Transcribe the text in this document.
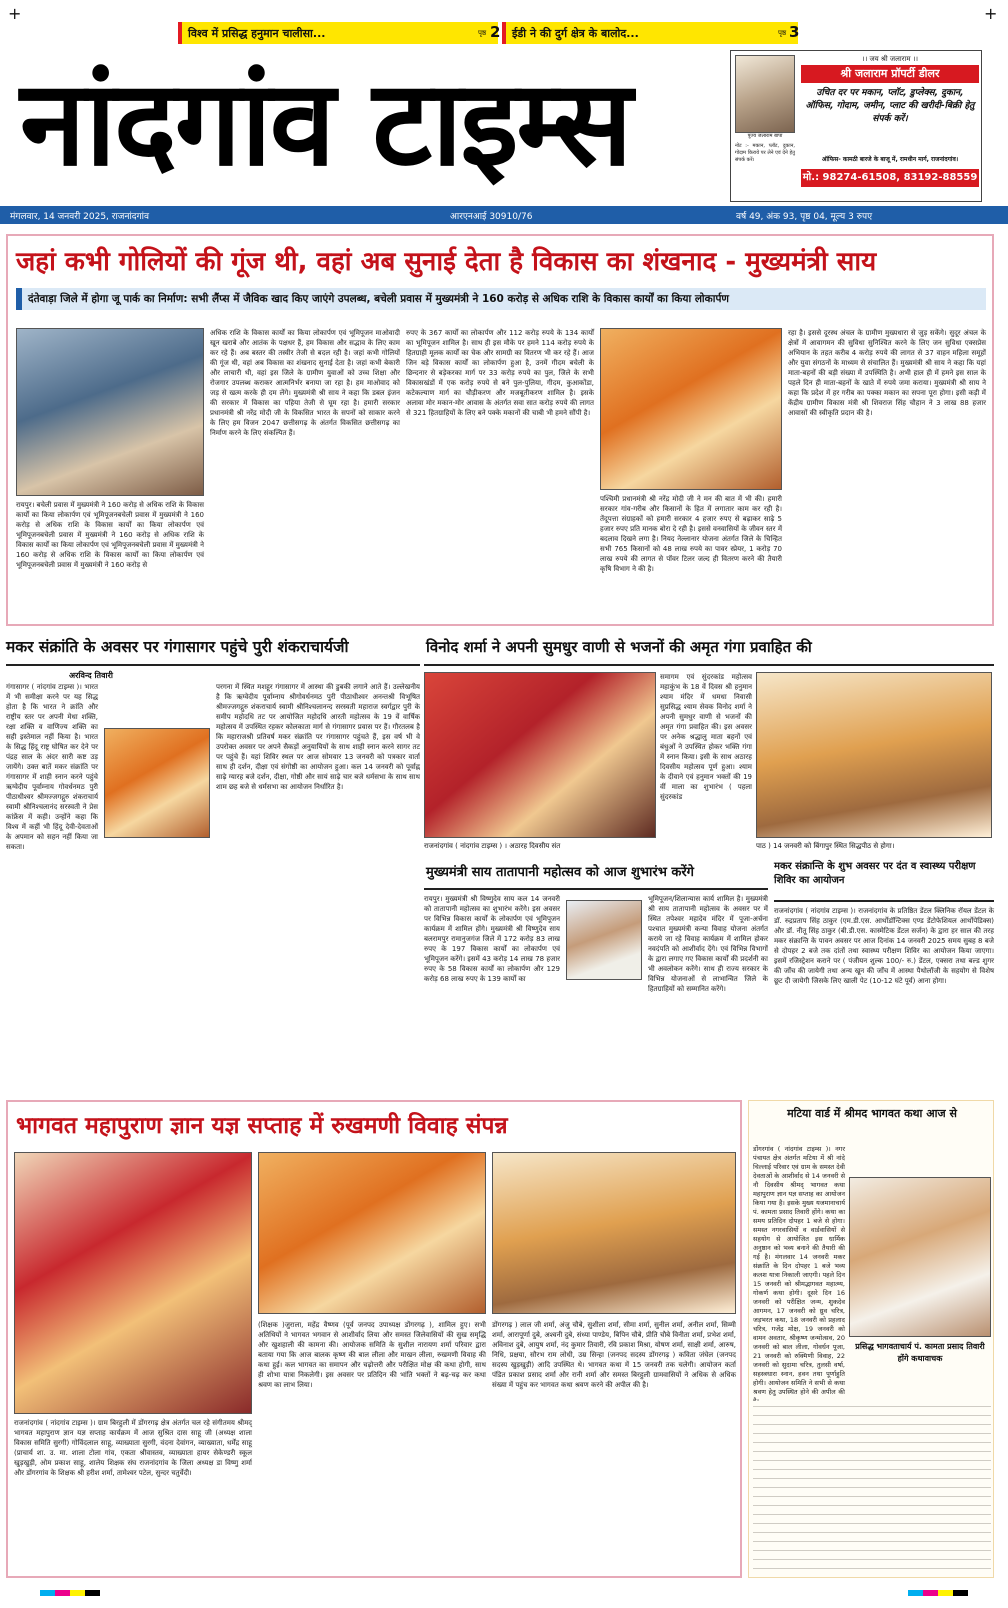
+	+
विश्व में प्रसिद्ध हनुमान चालीसा...	पृष्ठ 2 ईडी ने की दुर्ग क्षेत्र के बालोद...	पृष्ठ 3
नांदगांव टाइम्स	पूज्य जलाराम बापा
नोट :- मकान, प्लॉट, दुकान, गोदाम किराये पर लेने एवं देने हेतु संपर्क करें।
।। जय श्री जलाराम ।।
श्री जलाराम प्रॉपर्टी डीलर
उचित दर पर मकान, प्लॉट, डुप्लेक्स, दुकान, ऑफिस, गोदाम, जमीन, प्लाट की खरीदी-बिक्री हेतु संपर्क करें।
ऑफिस- कामठी बारजे के बाजू में, रामधीन मार्ग, राजनांदगांव।
मो.: 98274-61508, 83192-88559
मंगलवार, 14 जनवरी 2025, राजनांदगांव	आरएनआई 30910/76	वर्ष 49, अंक 93, पृष्ठ 04, मूल्य 3 रुपए
जहां कभी गोलियों की गूंज थी, वहां अब सुनाई देता है विकास का शंखनाद - मुख्यमंत्री साय
दंतेवाड़ा जिले में होगा जू पार्क का निर्माण: सभी लैंप्स में जैविक खाद किए जाएंगे उपलब्ध, बचेली प्रवास में मुख्यमंत्री ने 160 करोड़ से अधिक राशि के विकास कार्यों का किया लोकार्पण
रायपुर। बचेली प्रवास में मुख्यमंत्री ने 160 करोड़ से अधिक राशि के विकास कार्यों का किया लोकार्पण एवं भूमिपूजनबचेली प्रवास में मुख्यमंत्री ने 160 करोड़ से अधिक राशि के विकास कार्यों का किया लोकार्पण एवं भूमिपूजनबचेली प्रवास में मुख्यमंत्री ने 160 करोड़ से अधिक राशि के विकास कार्यों का किया लोकार्पण एवं भूमिपूजनबचेली प्रवास में मुख्यमंत्री ने 160 करोड़ से अधिक राशि के विकास कार्यों का किया लोकार्पण एवं भूमिपूजनबचेली प्रवास में मुख्यमंत्री ने 160 करोड़ से
अधिक राशि के विकास कार्यों का किया लोकार्पण एवं भूमिपूजन माओवादी खून खराबे और आतंक के पक्षधर हैं, हम विकास और सद्भाव के लिए काम कर रहे हैं। अब बस्तर की तस्वीर तेजी से बदल रही है। जहां कभी गोलियों की गूंज थी, वहां अब विकास का शंखनाद सुनाई देता है। जहां कभी बेकारी और लाचारी थी, वहां इस जिले के ग्रामीण युवाओं को उच्च शिक्षा और रोजगार उपलब्ध कराकर आत्मनिर्भर बनाया जा रहा है। हम माओवाद को जड़ से खत्म करके ही दम लेंगे। मुख्यमंत्री श्री साय ने कहा कि डबल इंजन की सरकार में विकास का पहिया तेजी से घूम रहा है। हमारी सरकार प्रधानमंत्री श्री नरेंद्र मोदी जी के विकसित भारत के सपनों को साकार करने के लिए हम विजन 2047 छत्तीसगढ़ के अंतर्गत विकसित छत्तीसगढ़ का निर्माण करने के लिए संकल्पित हैं।
रुपए के 367 कार्यों का लोकार्पण और 112 करोड़ रुपये के 134 कार्यों का भूमिपूजन शामिल है। साथ ही इस मौके पर हमने 114 करोड़ रुपये के हितग्राही मूलक कार्यों का चेक और सामग्री का वितरण भी कर रहे हैं। आज जिन बड़े विकास कार्यों का लोकार्पण हुआ है, उनमें गीदम बचेली के छिन्दनार से बड़ेकरका मार्ग पर 33 करोड़ रुपये का पुल, जिले के सभी विकासखंडों में एक करोड़ रुपये से बने पुल-पुलिया, गीदम, कुआकोंडा, कटेकल्याण मार्ग का चौड़ीकरण और मजबूतीकरण शामिल है। इसके अलावा मोर मकान-मोर आवास के अंतर्गत सवा सात करोड़ रुपये की लागत से 321 हितग्राहियों के लिए बने पक्के मकानों की चाबी भी हमने सौंपी है।
पश्चिमी प्रधानमंत्री श्री नरेंद्र मोदी जी ने मन की बात में भी की। हमारी सरकार गांव-गरीब और किसानों के हित में लगातार काम कर रही है। तेंदूपत्ता संग्राहकों को हमारी सरकार 4 हजार रुपए से बढ़ाकर साढ़े 5 हजार रुपए प्रति मानक बोरा दे रही है। इससे वनवासियों के जीवन स्तर में बदलाव दिखने लगा है। नियद नेल्लानार योजना अंतर्गत जिले के चिन्हित सभी 765 किसानों को 48 लाख रुपये का पावर स्प्रेयर, 1 करोड़ 70 लाख रुपये की लागत से पॉवर टिलर जल्द ही वितरण करने की तैयारी कृषि विभाग ने की है।
रहा है। इससे दूरस्थ अंचल के ग्रामीण मुख्यधारा से जुड़ सकेंगे। सुदूर अंचल के क्षेत्रों में आवागमन की सुविधा सुनिश्चित करने के लिए जन सुविधा एक्सप्रेस अभियान के तहत करीब 4 करोड़ रुपये की लागत से 37 वाहन महिला समूहों और युवा संगठनों के माध्यम से संचालित हैं। मुख्यमंत्री श्री साय ने कहा कि यहां माता-बहनों की बड़ी संख्या में उपस्थिति है। अभी हाल ही में हमने इस साल के पहले दिन ही माता-बहनों के खाते में रुपये जमा कराया। मुख्यमंत्री श्री साय ने कहा कि प्रदेश में हर गरीब का पक्का मकान का सपना पूरा होगा। इसी कड़ी में केंद्रीय ग्रामीण विकास मंत्री श्री शिवराज सिंह चौहान ने 3 लाख 88 हजार आवासों की स्वीकृति प्रदान की है।
मकर संक्रांति के अवसर पर गंगासागर पहुंचे पुरी शंकराचार्यजी
अरविन्द तिवारी
गंगासागर ( नांदगांव टाइम्स )। भारत में भी समीक्षा करने पर यह सिद्ध होता है कि भारत ने क्रांति और राष्ट्रीय स्तर पर अपनी मेधा शक्ति, रक्षा शक्ति व वाणिज्य शक्ति का सही इस्तेमाल नहीं किया है। भारत के सिद्ध हिंदू राष्ट्र घोषित कर देने पर पंद्रह साल के अंदर सारी कष्ट उड़ जायेंगे। उक्त बातें मकर संक्रांति पर गंगासागर में शाही स्नान करने पहुंचे ऋग्वेदीय पूर्वाम्नाय गोवर्धनमठ पुरी पीठाधीश्वर श्रीमज्जगद्गुरु शंकराचार्य स्वामी श्रीनिश्चलानंद सरस्वती ने प्रेस कांफ्रेंस में कही। उन्होंने कहा कि विश्व में कहीं भी हिंदू देवी-देवताओं के अपमान को सहन नहीं किया जा सकता।
परगना में स्थित मशहूर गंगासागर में आस्था की डुबकी लगाने आते हैं। उल्लेखनीय है कि ऋग्वेदीय पूर्वाम्नाय श्रीगोवर्धनमठ पुरी पीठाधीश्वर अनन्तश्री विभूषित श्रीमज्जगद्गुरु शंकराचार्य स्वामी श्रीनिश्चलानन्द सरस्वती महाराज स्वर्गद्वार पुरी के समीप महोदधि तट पर आयोजित महोदधि आरती महोत्सव के 19 वें वार्षिक महोत्सव में उपस्थित रहकर कोलकाता मार्ग से गंगासागर प्रवास पर हैं। गौरतलब है कि महाराजश्री प्रतिवर्ष मकर संक्रांति पर गंगासागर पहुंचते हैं, इस वर्ष भी वे उपरोक्त अवसर पर अपने सैकड़ों अनुयायियों के साथ शाही स्नान करने सागर तट पर पहुंचे हैं। यहां शिविर स्थल पर आज सोमवार 13 जनवरी को पत्रकार वार्ता साथ ही दर्शन, दीक्षा एवं संगोष्ठी का आयोजन हुआ। कल 14 जनवरी को पूर्वाह्न साढ़े ग्यारह बजे दर्शन, दीक्षा, गोष्ठी और सायं साढ़े चार बजे धर्मसभा के साथ साथ शाम छह बजे से धर्मसभा का आयोजन निर्धारित है।
विनोद शर्मा ने अपनी सुमधुर वाणी से भजनों की अमृत गंगा प्रवाहित की
समागम एवं सुंदरकांड महोत्सव महाकुंभ के 18 वें दिवस श्री हनुमान श्याम मंदिर में धमधा निवासी सुप्रसिद्ध श्याम सेवक विनोद शर्मा ने अपनी सुमधुर वाणी से भजनों की अमृत गंगा प्रवाहित की। इस अवसर पर अनेक श्रद्धालु माता बहनों एवं बंधुओं ने उपस्थित होकर भक्ति गंगा में स्नान किया। इसी के साथ अठारह दिवसीय महोत्सव पूर्ण हुआ। श्याम के दीवाने एवं हनुमान भक्तों की 19 वीं माला का शुभारंभ ( पहला सुंदरकांड
राजनांदगांव ( नांदगांव टाइम्स ) । अठारह दिवसीय संत	पाठ ) 14 जनवरी को बिंगापुर स्थित सिद्धपीठ से होगा।
मुख्यमंत्री साय तातापानी महोत्सव को आज शुभारंभ करेंगे
रायपुर। मुख्यमंत्री श्री विष्णुदेव साय कल 14 जनवरी को तातापानी महोत्सव का शुभारंभ करेंगे। इस अवसर पर विभिन्न विकास कार्यों के लोकार्पण एवं भूमिपूजन कार्यक्रम में शामिल होंगे। मुख्यमंत्री श्री विष्णुदेव साय बलरामपुर रामानुजगंज जिले में 172 करोड़ 83 लाख रुपए के 197 विकास कार्यों का लोकार्पण एवं भूमिपूजन करेंगे। इसमें 43 करोड़ 14 लाख 78 हजार रुपए के 58 विकास कार्यों का लोकार्पण और 129 करोड़ 68 लाख रुपए के 139 कार्यों का
भूमिपूजन/शिलान्यास कार्य शामिल है। मुख्यमंत्री श्री साय तातापानी महोत्सव के अवसर पर में स्थित तपेश्वर महादेव मंदिर में पूजा-अर्चना पश्चात मुख्यमंत्री कन्या विवाह योजना अंतर्गत कराये जा रहे विवाह कार्यक्रम में शामिल होकर नवदंपति को आशीर्वाद देंगे। एवं विभिन्न विभागों के द्वारा लगाए गए विकास कार्यों की प्रदर्शनी का भी अवलोकन करेंगे। साथ ही राज्य सरकार के विभिन्न योजनाओं से लाभान्वित जिले के हितग्राहियों को सम्मानित करेंगे।
मकर संक्रान्ति के शुभ अवसर पर दंत व स्वास्थ्य परीक्षण शिविर का आयोजन
राजनांदगांव ( नांदगांव टाइम्स )। राजनांदगांव के प्रतिष्ठित डेंटल क्लिनिक रॉयल डेंटल के डॉ. रुद्रप्रताप सिंह ठाकुर (एम.डी.एस. आर्थोडॉन्टिक्स एण्ड डेंटोफेशियल आर्थोपेडिक्स) और डॉ. नीतू सिंह ठाकुर (बी.डी.एस. कास्मेटिक डेंटल सर्जन) के द्वारा हर साल की तरह मकर संक्रान्ति के पावन अवसर पर आज दिनांक 14 जनवरी 2025 समय सुबह 8 बजे से दोपहर 2 बजे तक दांतों तथा स्वास्थ्य परीक्षण शिविर का आयोजन किया जाएगा। इसमें रजिस्ट्रेशन कराने पर ( पंजीयन शुल्क 100/- रु.) डेंटल, एक्सरा तथा बल्ड शुगर की जाँच की जायेगी तथा अन्य खून की जाँच में आस्था पैथोलॉजी के सहयोग से विशेष छूट दी जायेगी जिसके लिए खाली पेट (10-12 घंटे पूर्व) आना होगा।
भागवत महापुराण ज्ञान यज्ञ सप्ताह में रुखमणी विवाह संपन्न
राजनांदगांव ( नांदगांव टाइम्स )। ग्राम बिरहुली में डोंगरगढ़ क्षेत्र अंतर्गत चल रहे संगीतमय श्रीमद् भागवत महापुराण ज्ञान यज्ञ सप्ताह कार्यक्रम में आज सुश्रित दास साहू जी (अध्यक्ष शाला विकास समिति सुरगी) गोविंदलाल साहू, व्याख्याता सुरगी, वंदना देवांगन, व्याख्याता, धर्मेंद्र साहू (प्राचार्य शा. उ. मा. शाला टोला गांव, एकता श्रीवास्तव, व्याख्याता हायर सेकेण्डरी स्कूल खुड़खुड़ी, ओम प्रकाश साहू, शालेय शिक्षक संघ राजनांदगांव के जिला अध्यक्ष डा विष्णु शर्मा और डोंगरगांव के शिक्षक श्री हरीश शर्मा, तामेश्वर पटेल, सुन्दर चतुर्वेदी।
(शिक्षक )जुराला, महेंद्र वैष्णव (पूर्व जनपद उपाध्यक्ष डोंगरगढ़ ), शामिल हुए। सभी अतिथियों ने भागवत भगवान से आशीर्वाद लिया और समस्त जिलेवासियों की सुख समृद्धि और खुशहाली की कामना की। आयोजक समिति के सुशील नारायण शर्मा परिवार द्वारा बताया गया कि आज बालक कृष्ण की बाल लीला और माखन लीला, रुखमणी विवाह की कथा हुई। कल भागवत का समापन और चढ़ोत्तरी और परीक्षित मोक्ष की कथा होगी, साथ ही शोभा यात्रा निकलेगी। इस अवसर पर प्रतिदिन की भांति भक्तों ने बढ़-चढ़ कर कथा श्रवण का लाभ लिया।
डोंगरगढ़ ) लाल जी शर्मा, अंजु चौबे, सुशीला शर्मा, सीमा शर्मा, सुनील शर्मा, अनील शर्मा, सिम्मी शर्मा, आरापूर्णा दुबे, अश्वनी दुबे, संध्या पाण्डेय, बिपिन चौबे, प्रीति चौबे विनीता शर्मा, प्रभेश शर्मा, अविनाश दुबे, आयुष शर्मा, नंद कुमार तिवारी, रवि प्रकाश मिश्रा, योषण शर्मा, साक्षी शर्मा, आरुष, निधि, प्रक्षया, सौरभ राम लोधी, उम्र सिन्हा (जनपद सदस्य डोंगरगढ़ ) कविता जंघेल (जनपद सदस्य खुड़खुड़ी) आदि उपस्थित थे। भागवत कथा में 15 जनवरी तक चलेगी। आयोजन कर्ता पंडित प्रकाश प्रसाद शर्मा और रानी शर्मा और समस्त बिरहुली ग्रामवासियों ने अधिक से अधिक संख्या में पहुंच कर भागवत कथा श्रवण करने की अपील की है।
मटिया वार्ड में श्रीमद भागवत कथा आज से
डोंगरगांव ( नांदगांव टाइम्स )। नगर पंचायत क्षेत्र अंतर्गत मटिया में श्री नांदे चिल्लाई परिवार एवं ग्राम के समस्त देवी देवताओं के आशीर्वाद से 14 जनवरी से नौ दिवसीय श्रीमद् भागवत कथा महापुराण ज्ञान यज्ञ सप्ताह का आयोजन किया गया है। इसके मुख्य यजमानाचार्य पं. कामता प्रसाद तिवारी होंगे। कथा का समय प्रतिदिन दोपहर 1 बजे से होगा। समस्त नगरवासियों व वार्डवासियों से सहयोग से आयोजित इस धार्मिक अनुष्ठान को भव्य बनाने की तैयारी की गई है। मंगलवार 14 जनवरी मकर संक्रांति के दिन दोपहर 1 बजे भव्य कलश यात्रा निकाली जाएगी। पहले दिन 15 जनवरी को श्रीमद्भागवत महात्म्य, गोकर्ण कथा होगी। दूसरे दिन 16 जनवरी को परीक्षित जन्म, शुकदेव आगमन, 17 जनवरी को ध्रुव चरित्र, जड़भरत कथा, 18 जनवरी को प्रहलाद चरित्र, गजेंद्र मोक्ष, 19 जनवरी को वामन अवतार, श्रीकृष्ण जन्मोत्सव, 20 जनवरी को बाल लीला, गोवर्धन पूजा, 21 जनवरी को रुक्मिणी विवाह, 22 जनवरी को सुदामा चरित्र, तुलसी वर्षा, सहस्त्रधारा स्नान, हवन तथा पूर्णाहुति होगी। आयोजन समिति ने सभी से कथा श्रवण हेतु उपस्थित होने की अपील की
प्रसिद्ध भागवताचार्य पं. कामता प्रसाद तिवारी होंगे कथावाचक
